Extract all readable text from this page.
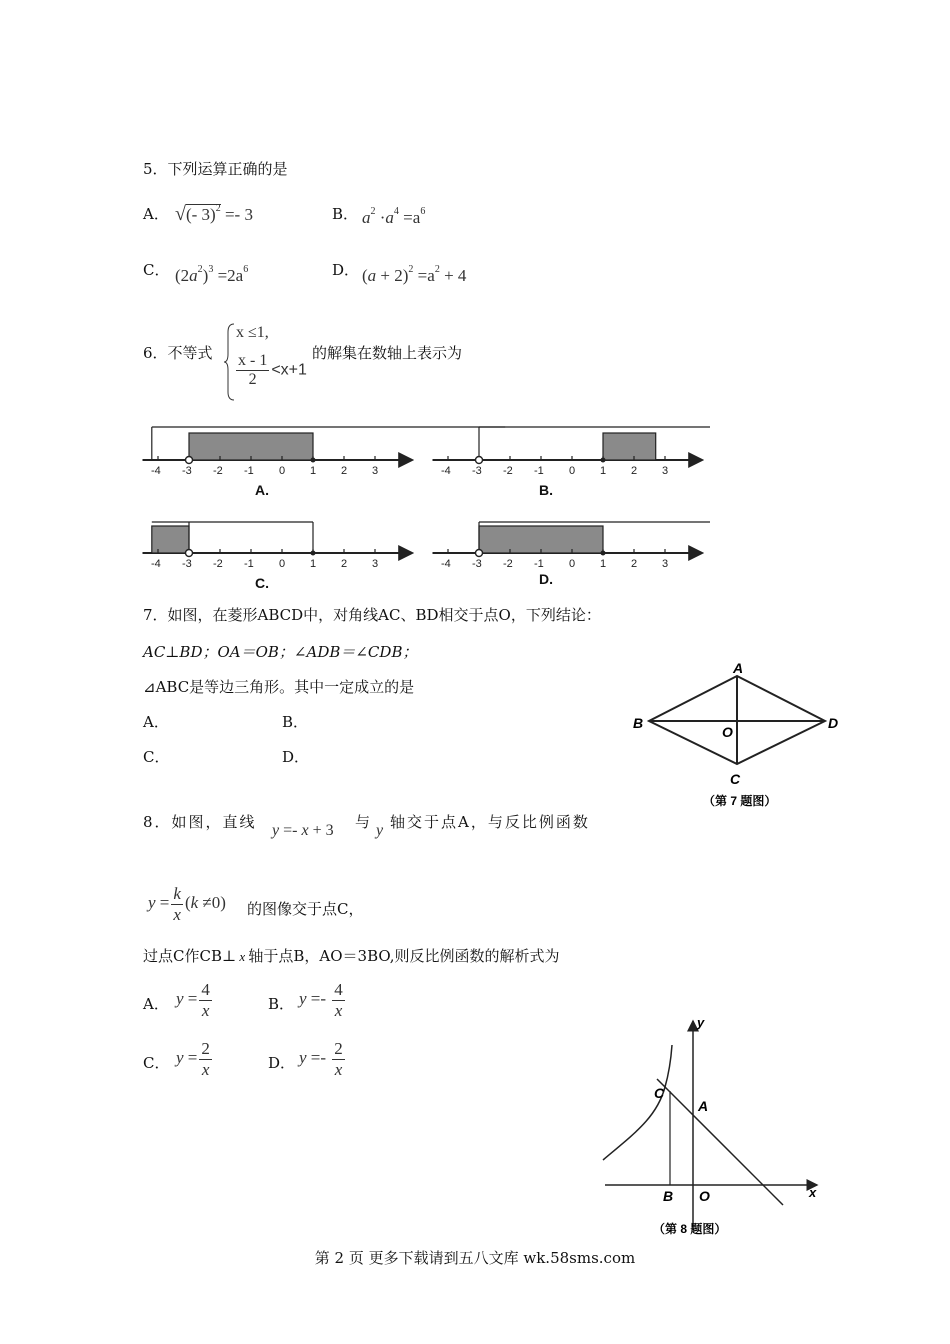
5．下列运算正确的是
A． √(- 3)$^2$ =- 3	B． $a^2 \cdot a^4 =a^6$
C． $(2a^2)^3 =2a^6$	D． $(a + 2)^2 =a^2 + 4$
6．不等式
x ≤1,
$\frac{x - 1}{2} <x+1$
的解集在数轴上表示为
-4 -3 -2 -1 0 1 2 3	-4 -3 -2 -1 0 1 2 3
-4 -3 -2 -1 0 1 2 3	-4 -3 -2 -1 0 1 2 3
A.	B.
C.	D.
7．如图，在菱形ABCD中，对角线AC、BD相交于点O，下列结论：
AC⊥BD；OA＝OB；∠ADB＝∠CDB；
⊿ABC是等边三角形。其中一定成立的是
A．	B．
C．	D．
A
B
C
D
O
（第 7 题图）
8．如图，直线 y =- x + 3 与 y 轴交于点A，与反比例函数
$y = \frac{k}{x} (k \ne 0)$ 的图像交于点C，
过点C作CB⊥ x 轴于点B，AO＝3BO,则反比例函数的解析式为
A． $y = \frac{4}{x}$	B． $y =- \frac{4}{x}$
C． $y = \frac{2}{x}$	D． $y =- \frac{2}{x}$
y
x
C
A
B O
（第 8 题图）
第 2 页 更多下载请到五八文库 wk.58sms.com
